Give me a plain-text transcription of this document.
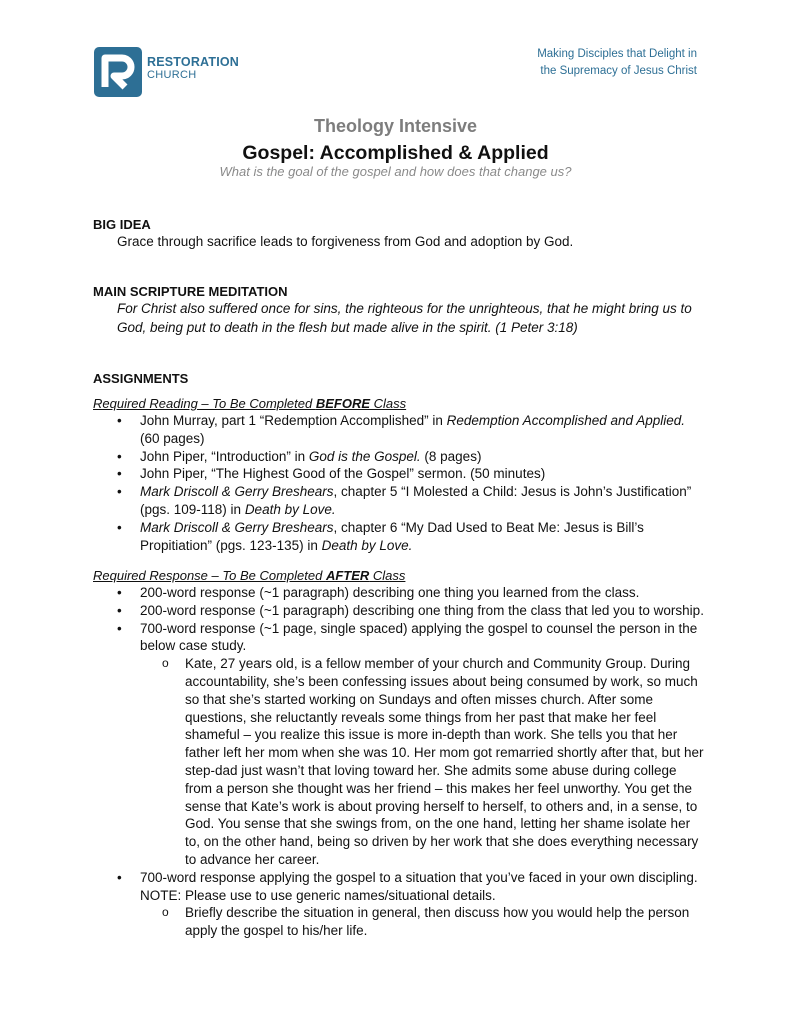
RESTORATION
CHURCH
Making Disciples that Delight in
the Supremacy of Jesus Christ
Theology Intensive
Gospel: Accomplished & Applied
What is the goal of the gospel and how does that change us?
BIG IDEA
Grace through sacrifice leads to forgiveness from God and adoption by God.
MAIN SCRIPTURE MEDITATION
For Christ also suffered once for sins, the righteous for the unrighteous, that he might bring us to God, being put to death in the flesh but made alive in the spirit. (1 Peter 3:18)
ASSIGNMENTS
Required Reading – To Be Completed BEFORE Class
• John Murray, part 1 “Redemption Accomplished” in Redemption Accomplished and Applied. (60 pages)
• John Piper, “Introduction” in God is the Gospel. (8 pages)
• John Piper, “The Highest Good of the Gospel” sermon. (50 minutes)
• Mark Driscoll & Gerry Breshears, chapter 5 “I Molested a Child: Jesus is John’s Justification” (pgs. 109-118) in Death by Love.
• Mark Driscoll & Gerry Breshears, chapter 6 “My Dad Used to Beat Me: Jesus is Bill’s Propitiation” (pgs. 123-135) in Death by Love.
Required Response – To Be Completed AFTER Class
• 200-word response (~1 paragraph) describing one thing you learned from the class.
• 200-word response (~1 paragraph) describing one thing from the class that led you to worship.
• 700-word response (~1 page, single spaced) applying the gospel to counsel the person in the below case study.
o Kate, 27 years old, is a fellow member of your church and Community Group. During accountability, she’s been confessing issues about being consumed by work, so much so that she’s started working on Sundays and often misses church. After some questions, she reluctantly reveals some things from her past that make her feel shameful – you realize this issue is more in-depth than work. She tells you that her father left her mom when she was 10. Her mom got remarried shortly after that, but her step-dad just wasn’t that loving toward her. She admits some abuse during college from a person she thought was her friend – this makes her feel unworthy. You get the sense that Kate’s work is about proving herself to herself, to others and, in a sense, to God. You sense that she swings from, on the one hand, letting her shame isolate her to, on the other hand, being so driven by her work that she does everything necessary to advance her career.
• 700-word response applying the gospel to a situation that you’ve faced in your own discipling. NOTE: Please use to use generic names/situational details.
o Briefly describe the situation in general, then discuss how you would help the person apply the gospel to his/her life.
